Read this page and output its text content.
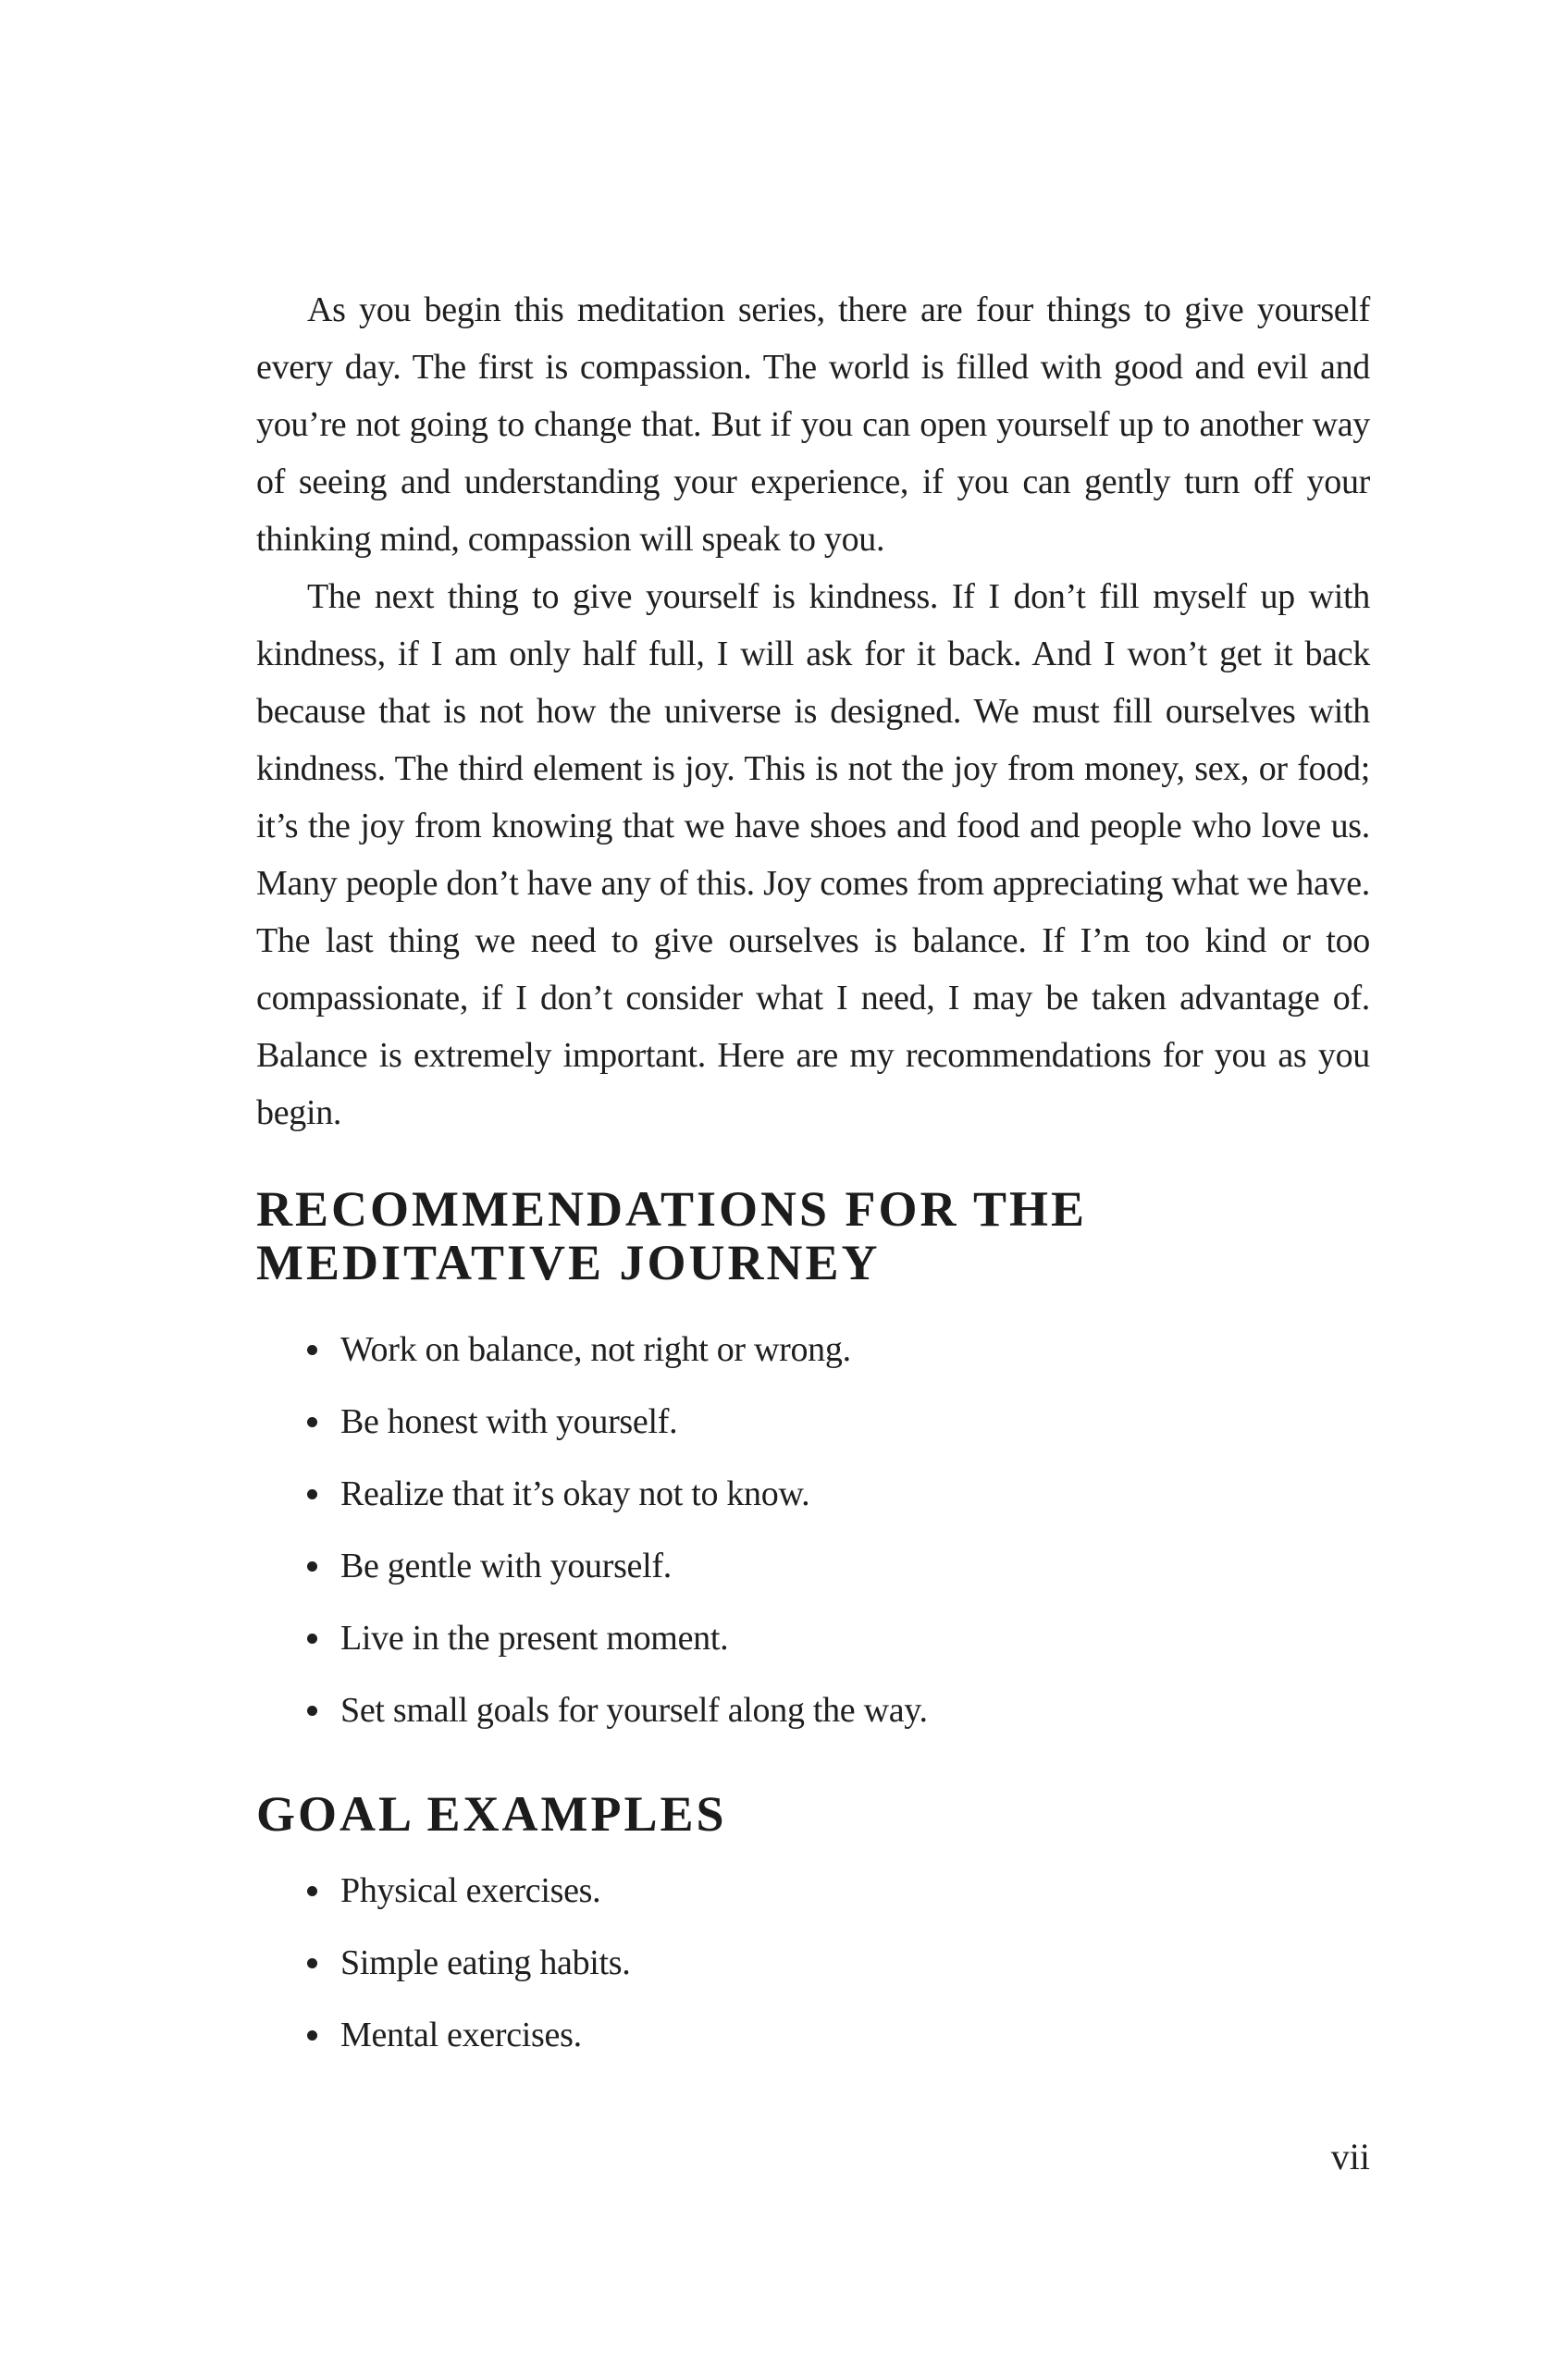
As you begin this meditation series, there are four things to give yourself every day. The first is compassion. The world is filled with good and evil and you’re not going to change that. But if you can open yourself up to another way of seeing and understanding your experience, if you can gently turn off your thinking mind, compassion will speak to you.

The next thing to give yourself is kindness. If I don’t fill myself up with kindness, if I am only half full, I will ask for it back. And I won’t get it back because that is not how the universe is designed. We must fill ourselves with kindness. The third element is joy. This is not the joy from money, sex, or food; it’s the joy from knowing that we have shoes and food and people who love us. Many people don’t have any of this. Joy comes from appreciating what we have. The last thing we need to give ourselves is balance. If I’m too kind or too compassionate, if I don’t consider what I need, I may be taken advantage of. Balance is extremely important. Here are my recommendations for you as you begin.

RECOMMENDATIONS FOR THE MEDITATIVE JOURNEY
Work on balance, not right or wrong.
Be honest with yourself.
Realize that it’s okay not to know.
Be gentle with yourself.
Live in the present moment.
Set small goals for yourself along the way.
GOAL EXAMPLES
Physical exercises.
Simple eating habits.
Mental exercises.
vii
